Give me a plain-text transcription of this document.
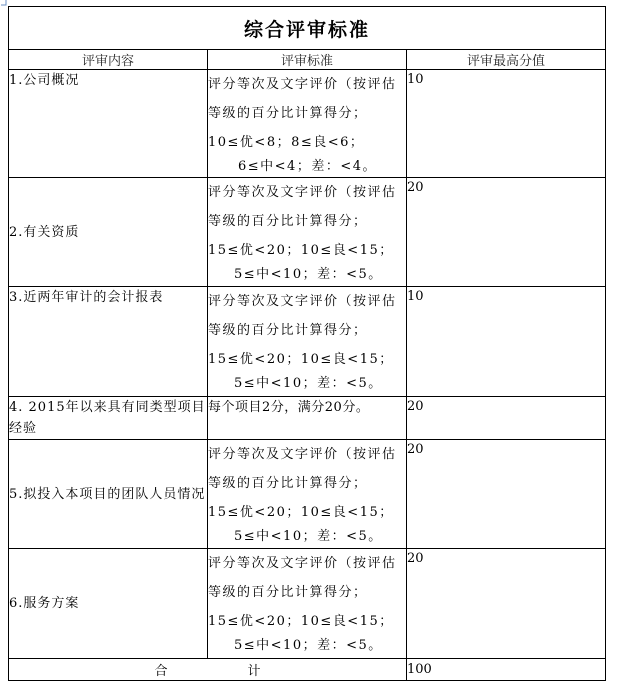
综合评审标准		
评审内容	评审标准	评审最高分值
1.公司概况	评分等次及文字评价（按评估
等级的百分比计算得分；
10≤优<8；8≤良<6；
6≤中<4；差：<4。	10
2.有关资质	评分等次及文字评价（按评估
等级的百分比计算得分；
15≤优<20；10≤良<15；
5≤中<10；差：<5。	20
3.近两年审计的会计报表	评分等次及文字评价（按评估
等级的百分比计算得分；
15≤优<20；10≤良<15；
5≤中<10；差：<5。	10
4. 2015年以来具有同类型项目经验	每个项目2分，满分20分。	20
5.拟投入本项目的团队人员情况	评分等次及文字评价（按评估
等级的百分比计算得分；
15≤优<20；10≤良<15；
5≤中<10；差：<5。	20
6.服务方案	评分等次及文字评价（按评估
等级的百分比计算得分；
15≤优<20；10≤良<15；
5≤中<10；差：<5。	20
合 计		100
